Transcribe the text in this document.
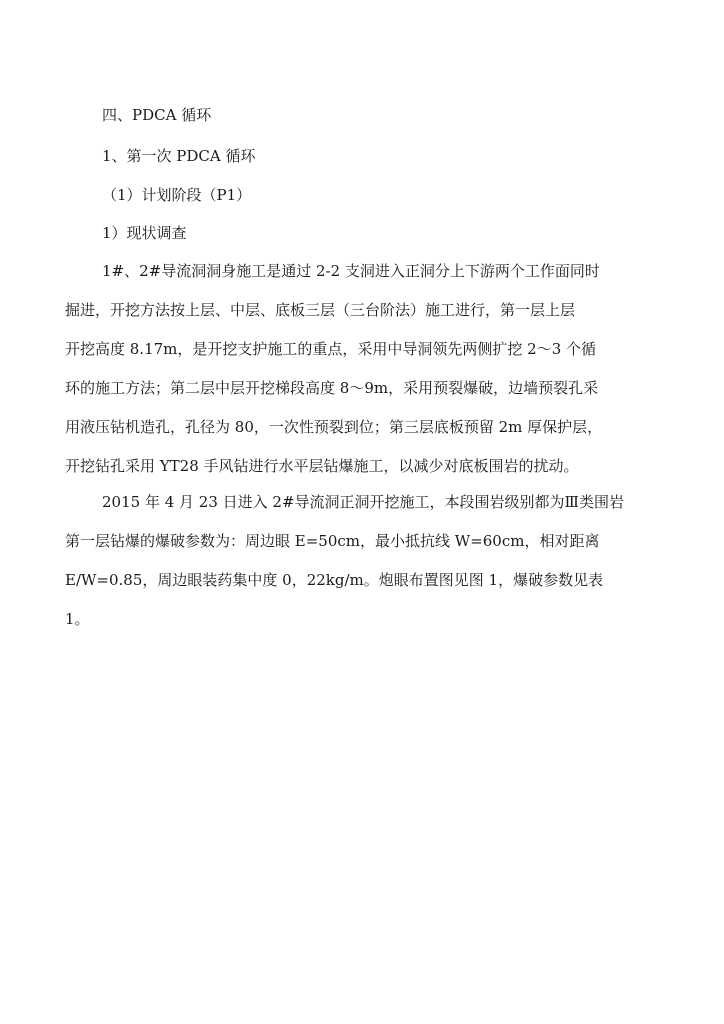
四、PDCA 循环
1、第一次 PDCA 循环
（1）计划阶段（P1）
1）现状调查
1#、2#导流洞洞身施工是通过 2-2 支洞进入正洞分上下游两个工作面同时
掘进，开挖方法按上层、中层、底板三层（三台阶法）施工进行，第一层上层
开挖高度 8.17m，是开挖支护施工的重点，采用中导洞领先两侧扩挖 2～3 个循
环的施工方法；第二层中层开挖梯段高度 8～9m，采用预裂爆破，边墙预裂孔采
用液压钻机造孔，孔径为 80，一次性预裂到位；第三层底板预留 2m 厚保护层，
开挖钻孔采用 YT28 手风钻进行水平层钻爆施工，以减少对底板围岩的扰动。
2015 年 4 月 23 日进入 2#导流洞正洞开挖施工，本段围岩级别都为Ⅲ类围岩
第一层钻爆的爆破参数为：周边眼 E=50cm，最小抵抗线 W=60cm，相对距离
E/W=0.85，周边眼装药集中度 0，22kg/m。炮眼布置图见图 1，爆破参数见表
1。
